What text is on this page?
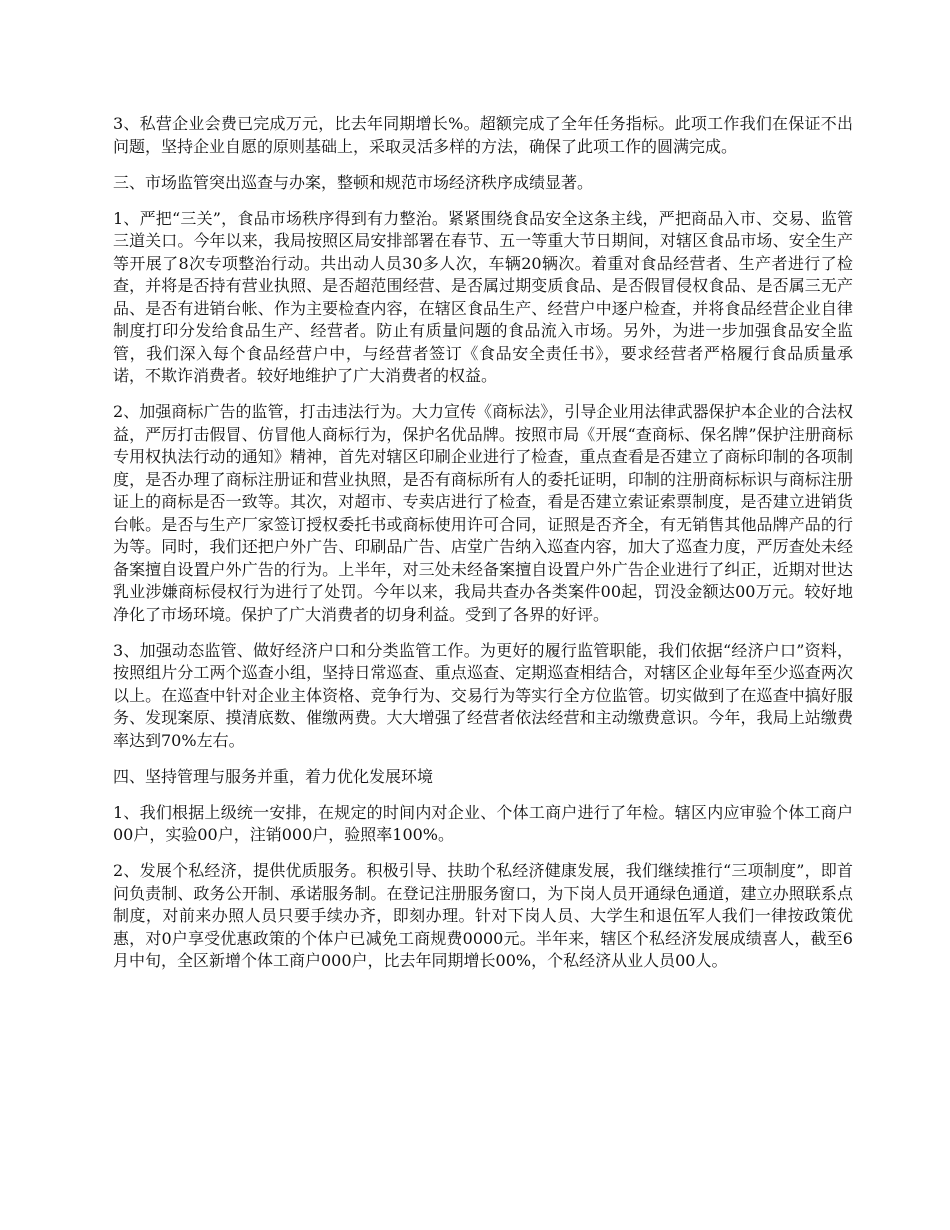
3、私营企业会费已完成万元，比去年同期增长%。超额完成了全年任务指标。此项工作我们在保证不出问题，坚持企业自愿的原则基础上，采取灵活多样的方法，确保了此项工作的圆满完成。

三、市场监管突出巡查与办案，整顿和规范市场经济秩序成绩显著。

1、严把“三关”，食品市场秩序得到有力整治。紧紧围绕食品安全这条主线，严把商品入市、交易、监管三道关口。今年以来，我局按照区局安排部署在春节、五一等重大节日期间，对辖区食品市场、安全生产等开展了8次专项整治行动。共出动人员30多人次，车辆20辆次。着重对食品经营者、生产者进行了检查，并将是否持有营业执照、是否超范围经营、是否属过期变质食品、是否假冒侵权食品、是否属三无产品、是否有进销台帐、作为主要检查内容，在辖区食品生产、经营户中逐户检查，并将食品经营企业自律制度打印分发给食品生产、经营者。防止有质量问题的食品流入市场。另外，为进一步加强食品安全监管，我们深入每个食品经营户中，与经营者签订《食品安全责任书》，要求经营者严格履行食品质量承诺，不欺诈消费者。较好地维护了广大消费者的权益。

2、加强商标广告的监管，打击违法行为。大力宣传《商标法》，引导企业用法律武器保护本企业的合法权益，严厉打击假冒、仿冒他人商标行为，保护名优品牌。按照市局《开展“查商标、保名牌”保护注册商标专用权执法行动的通知》精神，首先对辖区印刷企业进行了检查，重点查看是否建立了商标印制的各项制度，是否办理了商标注册证和营业执照，是否有商标所有人的委托证明，印制的注册商标标识与商标注册证上的商标是否一致等。其次，对超市、专卖店进行了检查，看是否建立索证索票制度，是否建立进销货台帐。是否与生产厂家签订授权委托书或商标使用许可合同，证照是否齐全，有无销售其他品牌产品的行为等。同时，我们还把户外广告、印刷品广告、店堂广告纳入巡查内容，加大了巡查力度，严厉查处未经备案擅自设置户外广告的行为。上半年，对三处未经备案擅自设置户外广告企业进行了纠正，近期对世达乳业涉嫌商标侵权行为进行了处罚。今年以来，我局共查办各类案件00起，罚没金额达00万元。较好地净化了市场环境。保护了广大消费者的切身利益。受到了各界的好评。

3、加强动态监管、做好经济户口和分类监管工作。为更好的履行监管职能，我们依据“经济户口”资料，按照组片分工两个巡查小组，坚持日常巡查、重点巡查、定期巡查相结合，对辖区企业每年至少巡查两次以上。在巡查中针对企业主体资格、竞争行为、交易行为等实行全方位监管。切实做到了在巡查中搞好服务、发现案原、摸清底数、催缴两费。大大增强了经营者依法经营和主动缴费意识。今年，我局上站缴费率达到70%左右。

四、坚持管理与服务并重，着力优化发展环境

1、我们根据上级统一安排，在规定的时间内对企业、个体工商户进行了年检。辖区内应审验个体工商户00户，实验00户，注销000户，验照率100%。

2、发展个私经济，提供优质服务。积极引导、扶助个私经济健康发展，我们继续推行“三项制度”，即首问负责制、政务公开制、承诺服务制。在登记注册服务窗口，为下岗人员开通绿色通道，建立办照联系点制度，对前来办照人员只要手续办齐，即刻办理。针对下岗人员、大学生和退伍军人我们一律按政策优惠，对0户享受优惠政策的个体户已减免工商规费0000元。半年来，辖区个私经济发展成绩喜人，截至6月中旬，全区新增个体工商户000户，比去年同期增长00%，个私经济从业人员00人。
